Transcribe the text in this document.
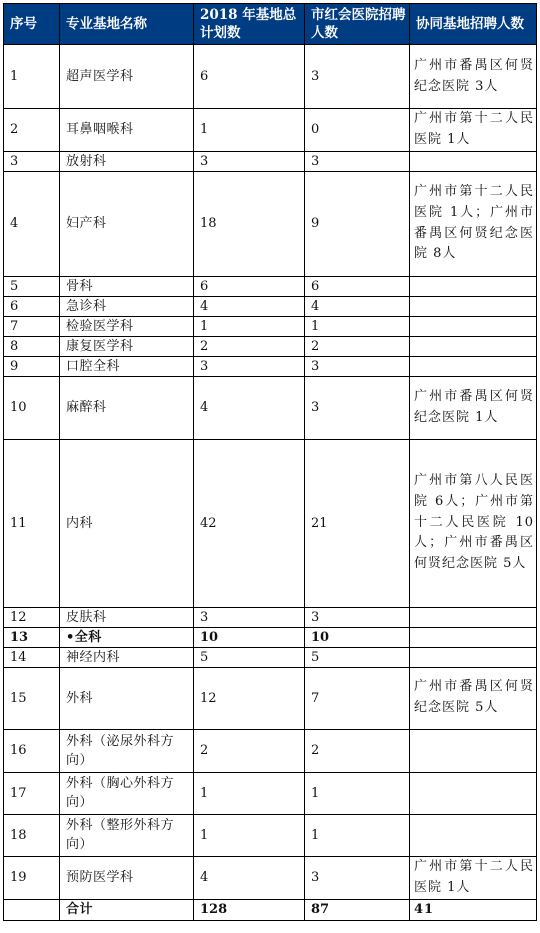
序号	专业基地名称	2018 年基地总计划数	市红会医院招聘人数	协同基地招聘人数
1	超声医学科	6	3	广州市番禺区何贤纪念医院 3人
2	耳鼻咽喉科	1	0	广州市第十二人民医院 1人
3	放射科	3	3	
4	妇产科	18	9	广州市第十二人民医院 1人；广州市番禺区何贤纪念医院 8人
5	骨科	6	6	
6	急诊科	4	4	
7	检验医学科	1	1	
8	康复医学科	2	2	
9	口腔全科	3	3	
10	麻醉科	4	3	广州市番禺区何贤纪念医院 1人
11	内科	42	21	广州市第八人民医院 6人；广州市第十二人民医院 10人；广州市番禺区何贤纪念医院 5人
12	皮肤科	3	3	
13	•全科	10	10	
14	神经内科	5	5	
15	外科	12	7	广州市番禺区何贤纪念医院 5人
16	外科（泌尿外科方向）	2	2	
17	外科（胸心外科方向）	1	1	
18	外科（整形外科方向）	1	1	
19	预防医学科	4	3	广州市第十二人民医院 1人
	合计	128	87	41
